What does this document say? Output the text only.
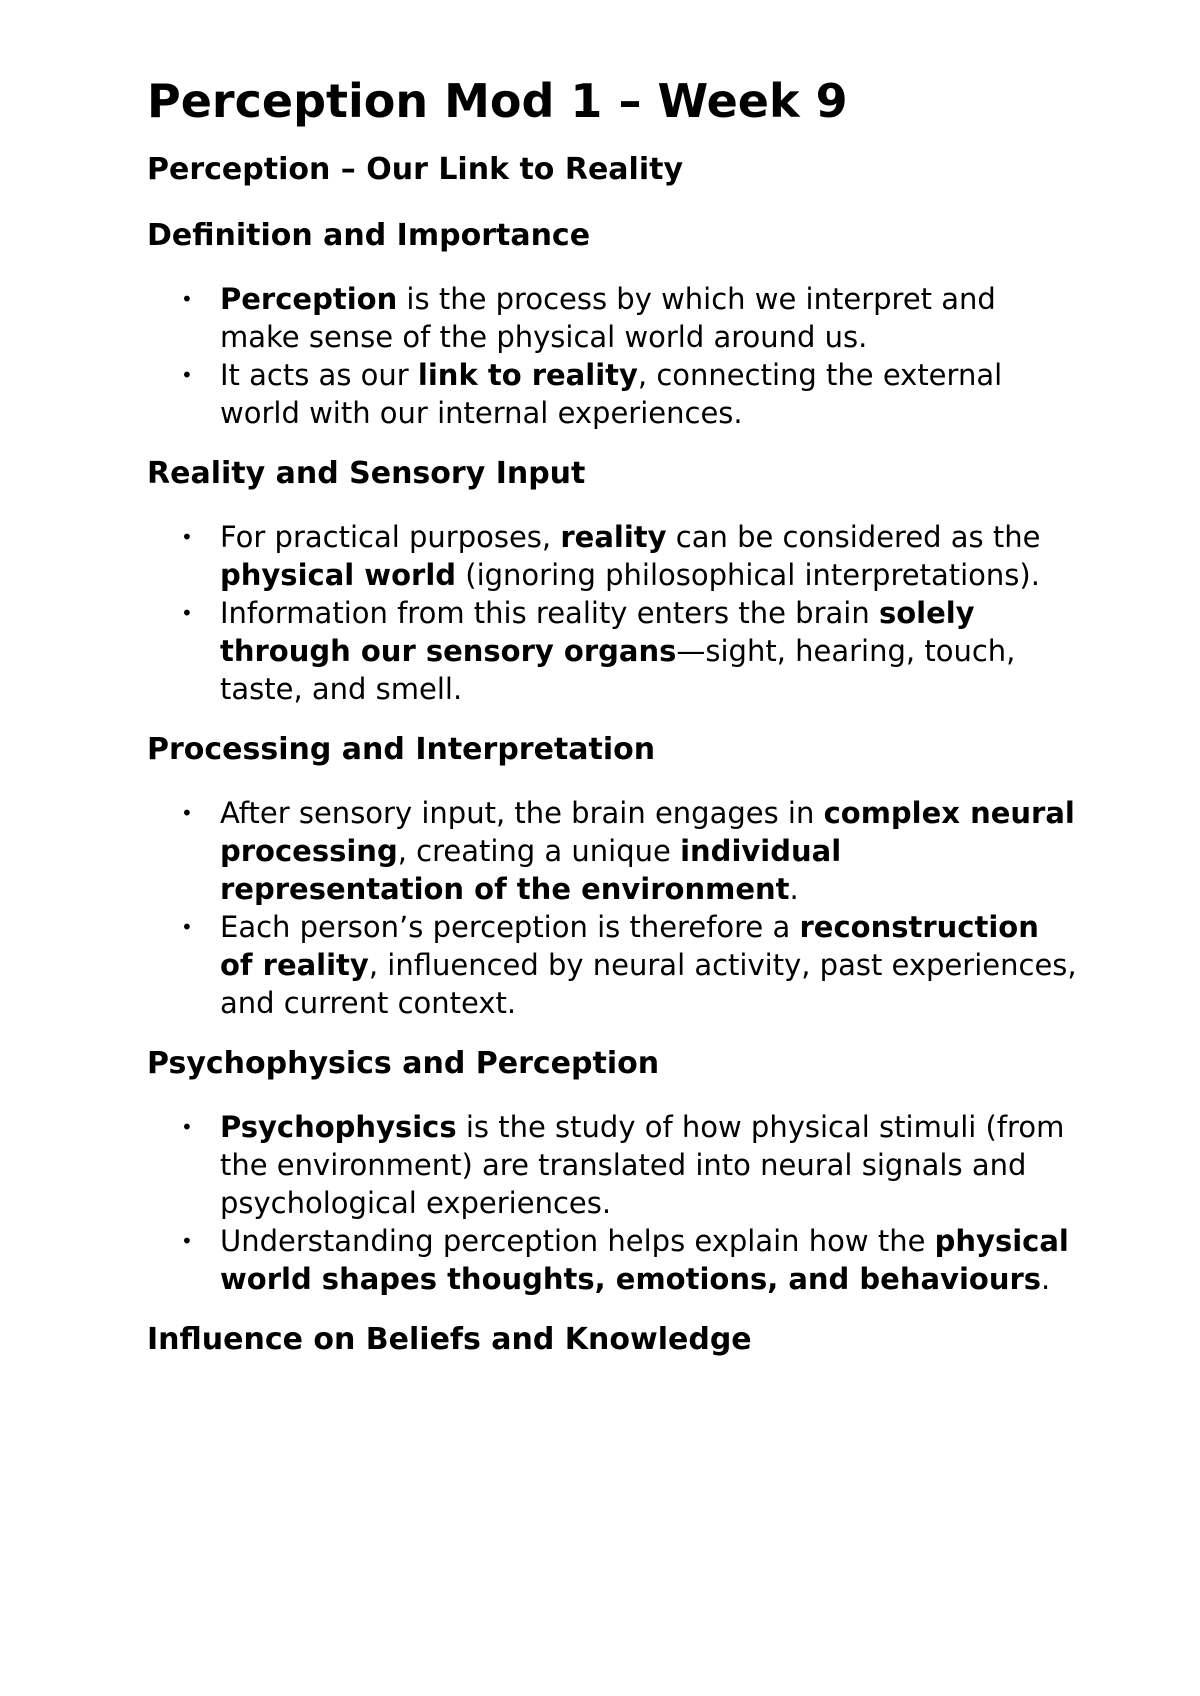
Perception Mod 1 – Week 9
Perception – Our Link to Reality
Definition and Importance
• Perception is the process by which we interpret and make sense of the physical world around us.
• It acts as our link to reality, connecting the external world with our internal experiences.
Reality and Sensory Input
• For practical purposes, reality can be considered as the physical world (ignoring philosophical interpretations).
• Information from this reality enters the brain solely through our sensory organs—sight, hearing, touch, taste, and smell.
Processing and Interpretation
• After sensory input, the brain engages in complex neural processing, creating a unique individual representation of the environment.
• Each person’s perception is therefore a reconstruction of reality, influenced by neural activity, past experiences, and current context.
Psychophysics and Perception
• Psychophysics is the study of how physical stimuli (from the environment) are translated into neural signals and psychological experiences.
• Understanding perception helps explain how the physical world shapes thoughts, emotions, and behaviours.
Influence on Beliefs and Knowledge
